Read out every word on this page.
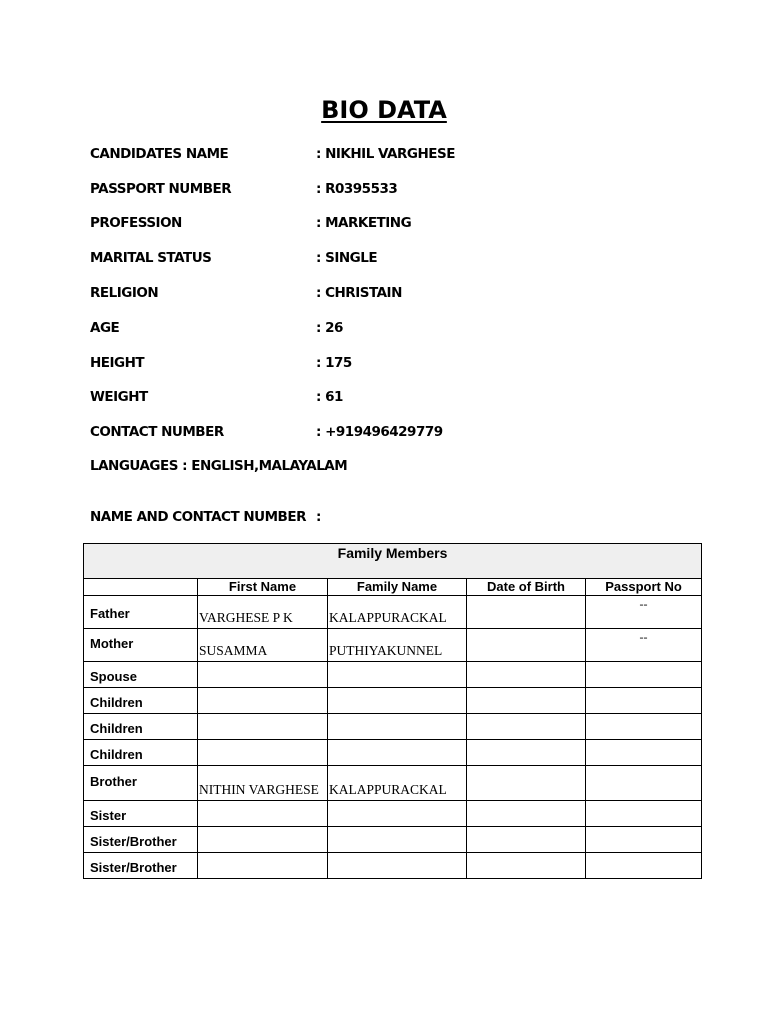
BIO DATA
CANDIDATES NAME	: NIKHIL VARGHESE
PASSPORT NUMBER	: R0395533
PROFESSION	: MARKETING
MARITAL STATUS	: SINGLE
RELIGION	: CHRISTAIN
AGE	: 26
HEIGHT	: 175
WEIGHT	: 61
CONTACT NUMBER	: +919496429779
LANGUAGES : ENGLISH,MALAYALAM
NAME AND CONTACT NUMBER :
Family Members				
	First Name	Family Name	Date of Birth	Passport No
Father	VARGHESE P K	KALAPPURACKAL		--
Mother	SUSAMMA	PUTHIYAKUNNEL		--
Spouse				
Children				
Children				
Children				
Brother	NITHIN VARGHESE	KALAPPURACKAL		
Sister				
Sister/Brother				
Sister/Brother				
